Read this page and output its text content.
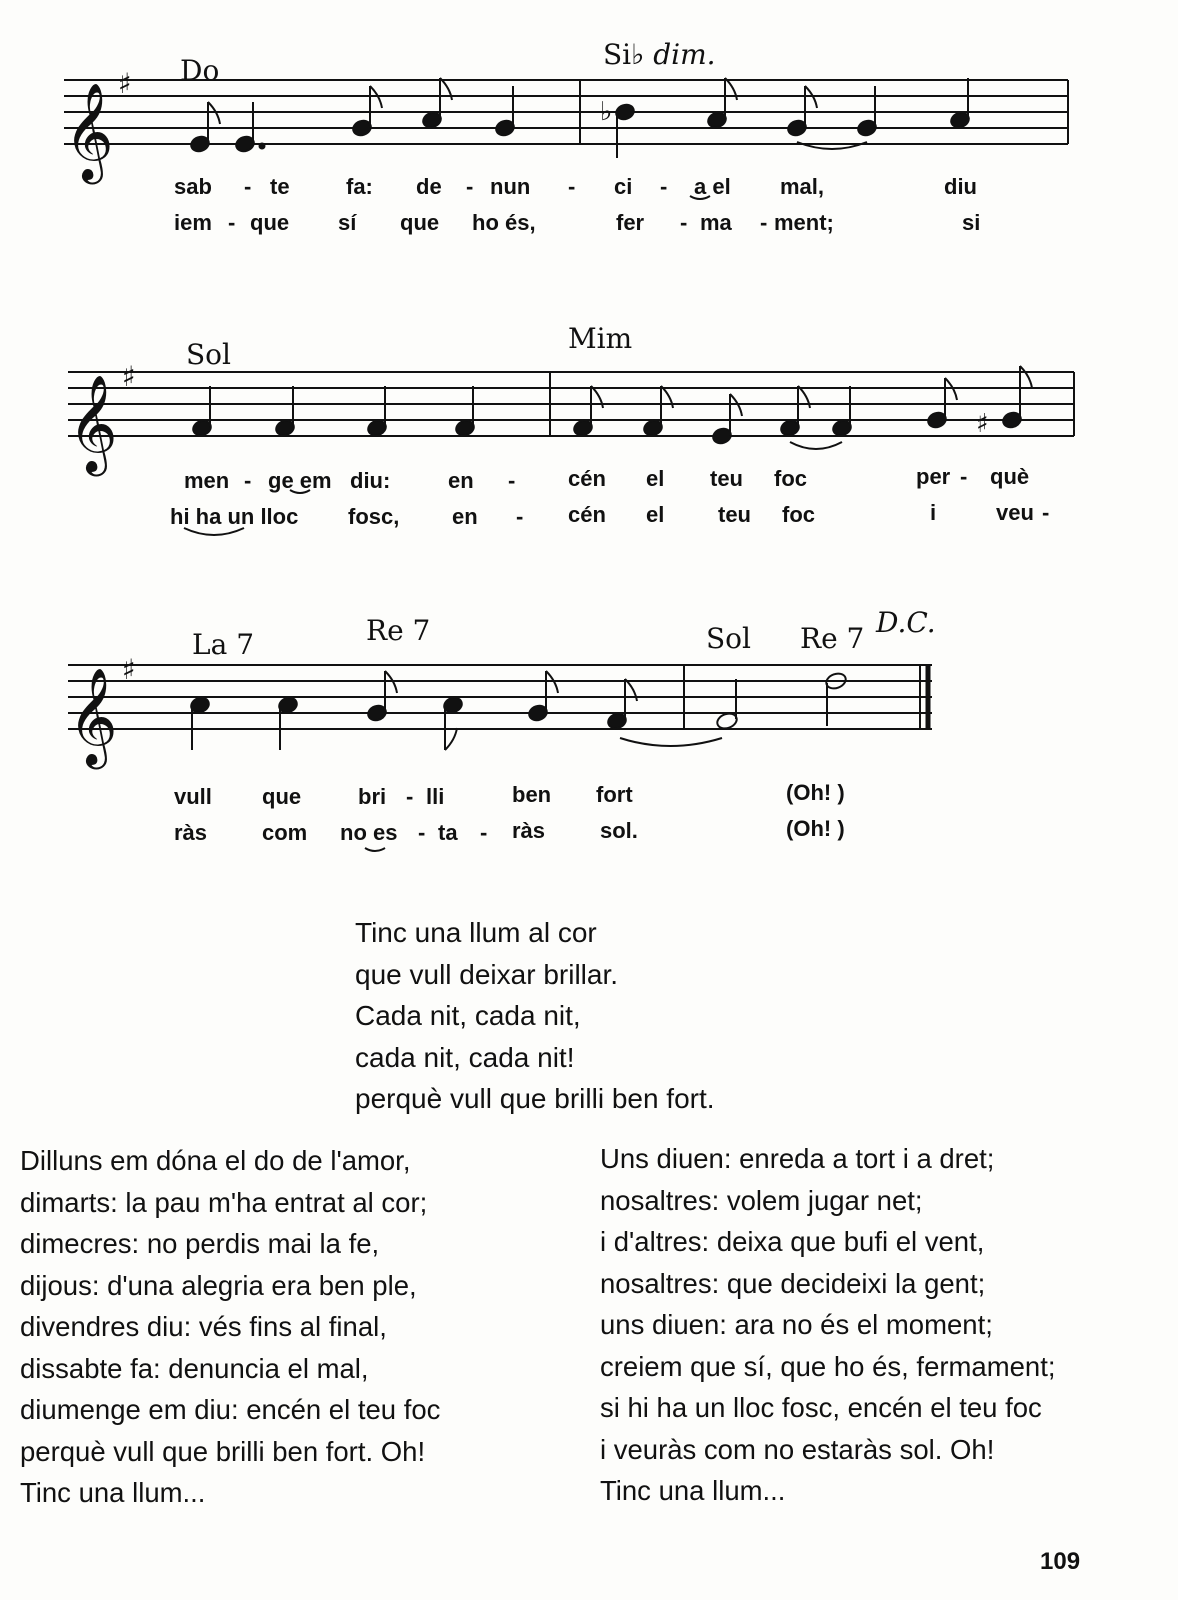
Do	Si♭ dim.
𝄞 ♯
♭
sab - te	fa: de - nun - ci - a el mal,	diu
iem - que sí que ho és,	fer - ma - ment;	si
Sol	Mim
𝄞 ♯
♯
men - ge em diu:	en - cén el teu foc	per - què
hi ha un lloc fosc, en - cén el teu foc	i	veu -
La 7	Re 7	Sol Re 7 D.C.
𝄞 ♯
vull que	bri - lli	ben fort	(Oh! )
ràs com no es - ta - ràs sol.	(Oh! )
Tinc una llum al cor
que vull deixar brillar.
Cada nit, cada nit,
cada nit, cada nit!
perquè vull que brilli ben fort.
Dilluns em dóna el do de l'amor,
dimarts: la pau m'ha entrat al cor;
dimecres: no perdis mai la fe,
dijous: d'una alegria era ben ple,
divendres diu: vés fins al final,
dissabte fa: denuncia el mal,
diumenge em diu: encén el teu foc
perquè vull que brilli ben fort. Oh!
Tinc una llum...
Uns diuen: enreda a tort i a dret;
nosaltres: volem jugar net;
i d'altres: deixa que bufi el vent,
nosaltres: que decideixi la gent;
uns diuen: ara no és el moment;
creiem que sí, que ho és, fermament;
si hi ha un lloc fosc, encén el teu foc
i veuràs com no estaràs sol. Oh!
Tinc una llum...
109
